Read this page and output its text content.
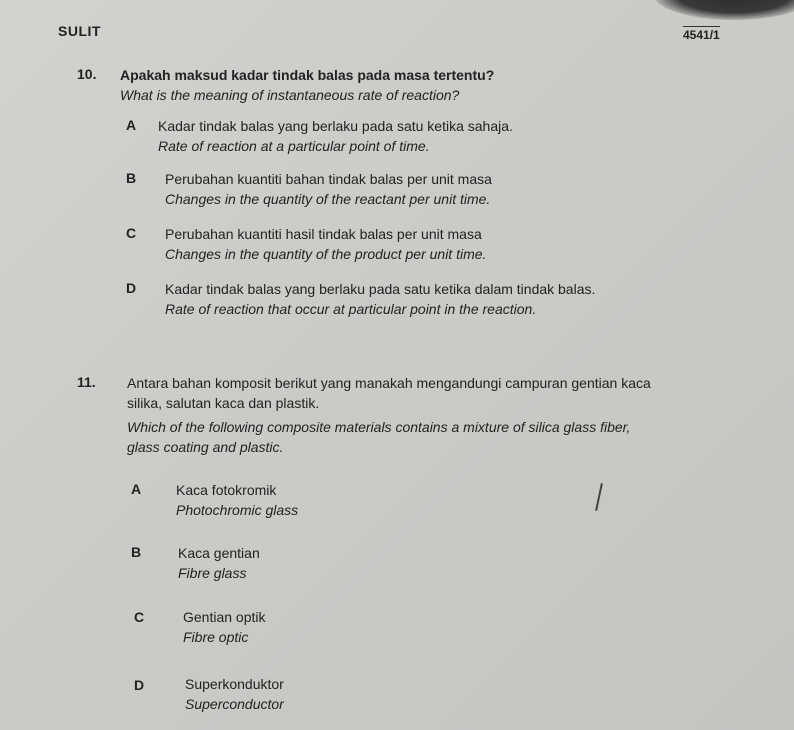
SULIT	4541/1
10. Apakah maksud kadar tindak balas pada masa tertentu?
What is the meaning of instantaneous rate of reaction?
A Kadar tindak balas yang berlaku pada satu ketika sahaja.
Rate of reaction at a particular point of time.
B Perubahan kuantiti bahan tindak balas per unit masa
Changes in the quantity of the reactant per unit time.
C Perubahan kuantiti hasil tindak balas per unit masa
Changes in the quantity of the product per unit time.
D Kadar tindak balas yang berlaku pada satu ketika dalam tindak balas.
Rate of reaction that occur at particular point in the reaction.
11. Antara bahan komposit berikut yang manakah mengandungi campuran gentian kaca
silika, salutan kaca dan plastik.
Which of the following composite materials contains a mixture of silica glass fiber,
glass coating and plastic.
A Kaca fotokromik
Photochromic glass
B	Kaca gentian
Fibre glass
C	Gentian optik
Fibre optic
D	Superkonduktor
Superconductor
